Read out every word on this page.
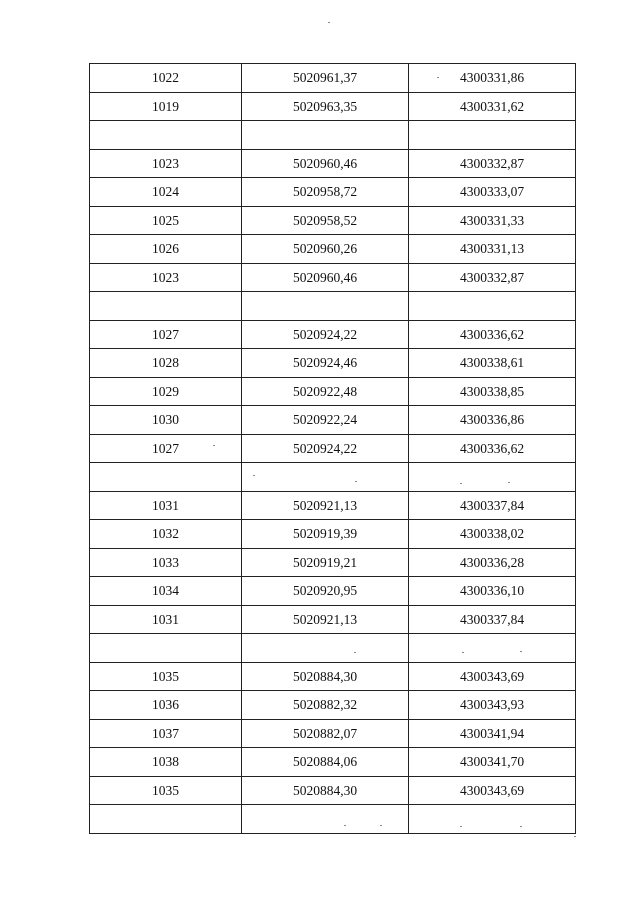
1022	5020961,37	4300331,86
1019	5020963,35	4300331,62

1023	5020960,46	4300332,87
1024	5020958,72	4300333,07
1025	5020958,52	4300331,33
1026	5020960,26	4300331,13
1023	5020960,46	4300332,87

1027	5020924,22	4300336,62
1028	5020924,46	4300338,61
1029	5020922,48	4300338,85
1030	5020922,24	4300336,86
1027	5020924,22	4300336,62

1031	5020921,13	4300337,84
1032	5020919,39	4300338,02
1033	5020919,21	4300336,28
1034	5020920,95	4300336,10
1031	5020921,13	4300337,84

1035	5020884,30	4300343,69
1036	5020882,32	4300343,93
1037	5020882,07	4300341,94
1038	5020884,06	4300341,70
1035	5020884,30	4300343,69
